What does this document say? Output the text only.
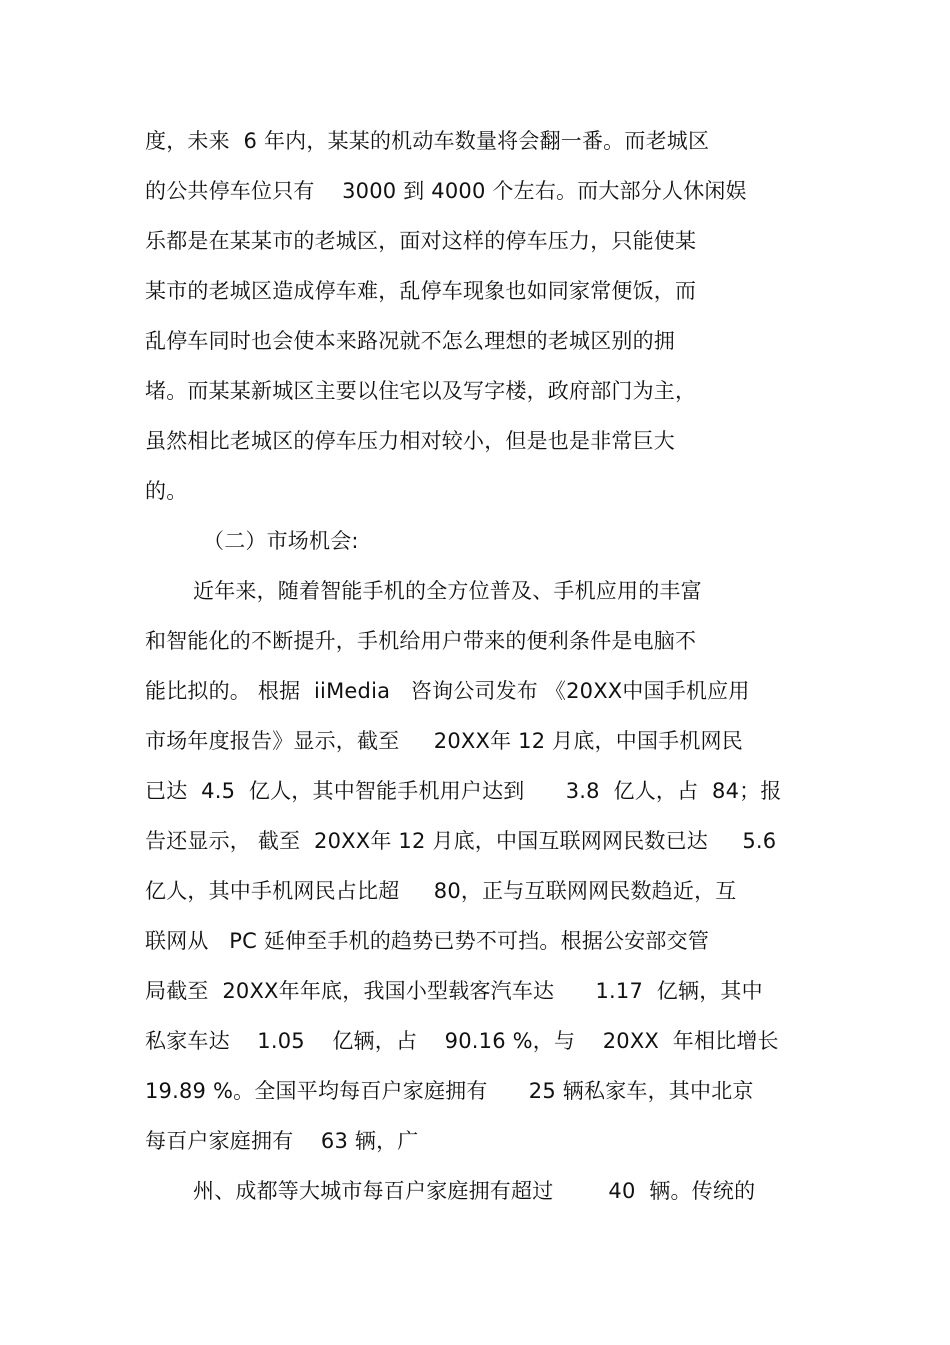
度，未来  6 年内，某某的机动车数量将会翻一番。而老城区
的公共停车位只有    3000 到 4000 个左右。而大部分人休闲娱
乐都是在某某市的老城区，面对这样的停车压力，只能使某
某市的老城区造成停车难，乱停车现象也如同家常便饭，而
乱停车同时也会使本来路况就不怎么理想的老城区别的拥
堵。而某某新城区主要以住宅以及写字楼，政府部门为主，
虽然相比老城区的停车压力相对较小，但是也是非常巨大
的。
（二）市场机会:
近年来，随着智能手机的全方位普及、手机应用的丰富
和智能化的不断提升，手机给用户带来的便利条件是电脑不
能比拟的。 根据  iiMedia   咨询公司发布 《20XX中国手机应用
市场年度报告》显示，截至     20XX年 12 月底，中国手机网民
已达  4.5  亿人，其中智能手机用户达到      3.8  亿人，占  84；报
告还显示， 截至  20XX年 12 月底，中国互联网网民数已达     5.6
亿人，其中手机网民占比超     80，正与互联网网民数趋近，互
联网从   PC 延伸至手机的趋势已势不可挡。根据公安部交管
局截至  20XX年年底，我国小型载客汽车达      1.17  亿辆，其中
私家车达    1.05    亿辆，占    90.16 %，与    20XX  年相比增长
19.89 %。全国平均每百户家庭拥有      25 辆私家车，其中北京
每百户家庭拥有    63 辆，广
州、成都等大城市每百户家庭拥有超过        40  辆。传统的
